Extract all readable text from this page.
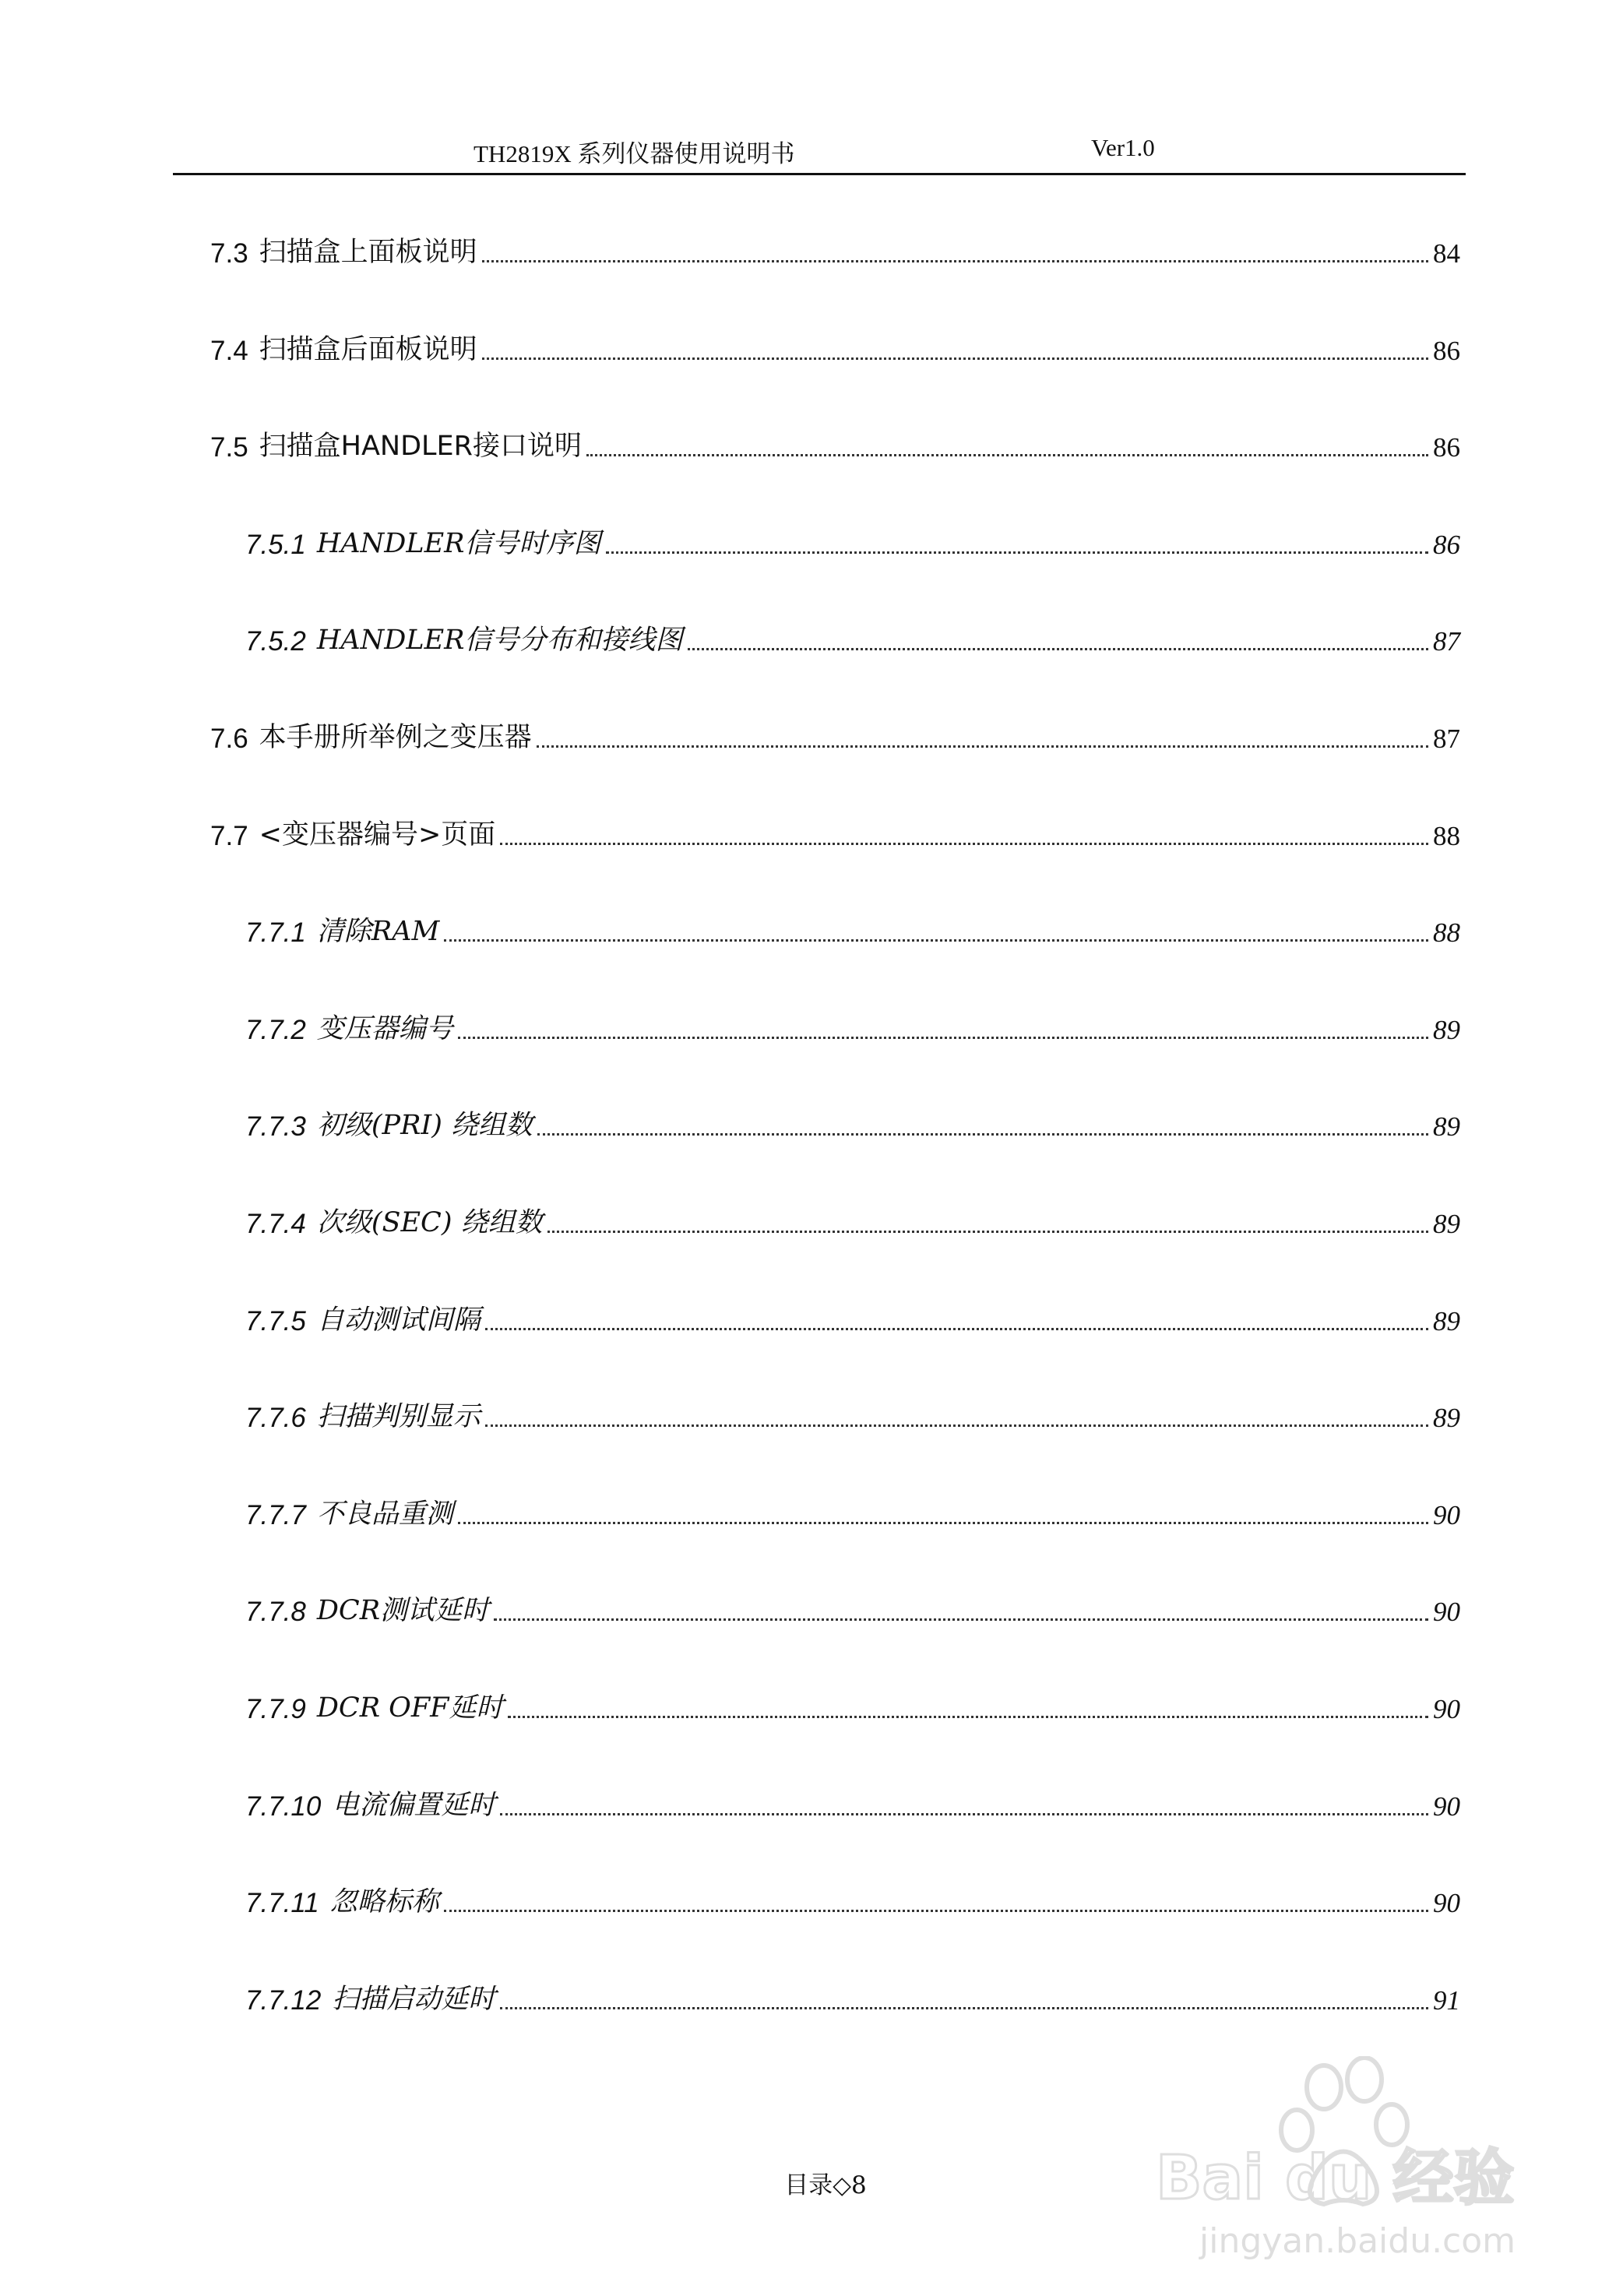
TH2819X 系列仪器使用说明书	Ver1.0
7.3 扫描盒上面板说明	84
7.4 扫描盒后面板说明	86
7.5 扫描盒HANDLER接口说明	86
7.5.1 HANDLER信号时序图	86
7.5.2 HANDLER信号分布和接线图	87
7.6 本手册所举例之变压器	87
7.7 <变压器编号>页面	88
7.7.1 清除RAM	88
7.7.2 变压器编号	89
7.7.3 初级(PRI) 绕组数	89
7.7.4 次级(SEC) 绕组数	89
7.7.5 自动测试间隔	89
7.7.6 扫描判别显示	89
7.7.7 不良品重测	90
7.7.8 DCR测试延时	90
7.7.9 DCR OFF延时	90
7.7.10 电流偏置延时	90
7.7.11 忽略标称	90
7.7.12 扫描启动延时	91
目录◇8	Bai du 经验
jingyan.baidu.com
